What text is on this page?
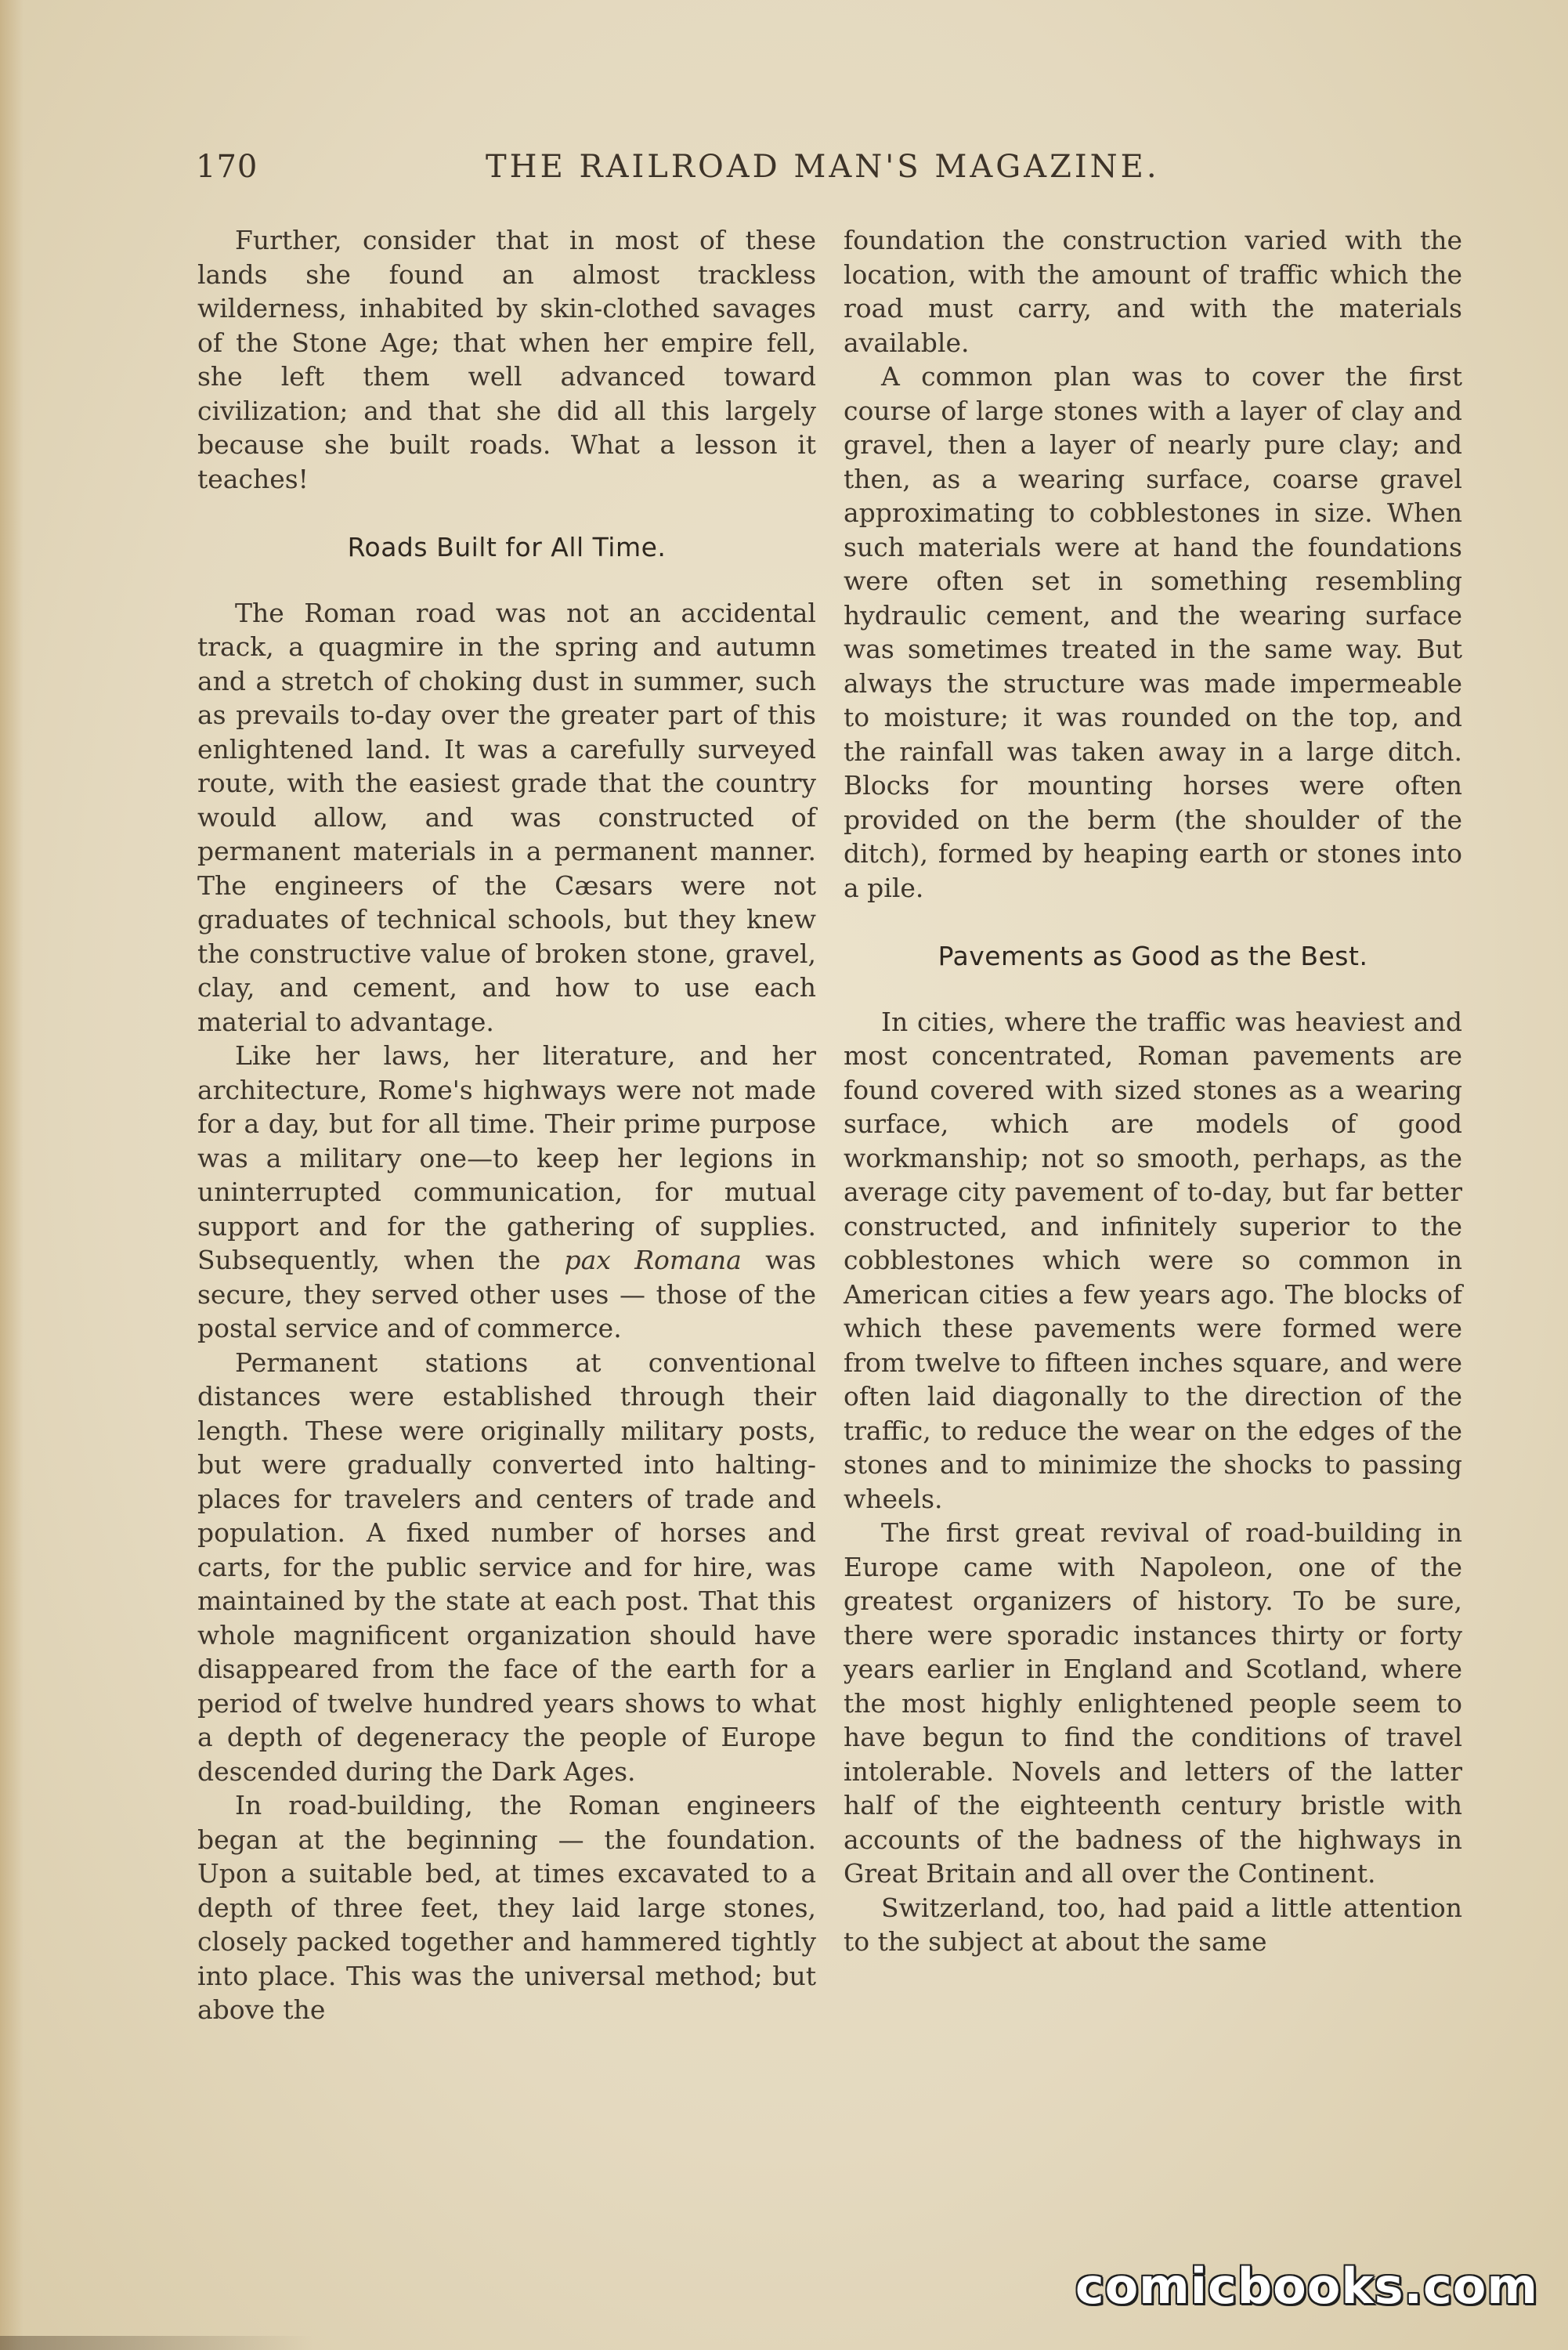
170	THE RAILROAD MAN'S MAGAZINE.

Further, consider that in most of these lands she found an almost trackless wilderness, inhabited by skin-clothed savages of the Stone Age; that when her empire fell, she left them well advanced toward civilization; and that she did all this largely because she built roads. What a lesson it teaches!

Roads Built for All Time.

The Roman road was not an accidental track, a quagmire in the spring and autumn and a stretch of choking dust in summer, such as prevails to-day over the greater part of this enlightened land. It was a carefully surveyed route, with the easiest grade that the country would allow, and was constructed of permanent materials in a permanent manner. The engineers of the Cæsars were not graduates of technical schools, but they knew the constructive value of broken stone, gravel, clay, and cement, and how to use each material to advantage.

Like her laws, her literature, and her architecture, Rome's highways were not made for a day, but for all time. Their prime purpose was a military one—to keep her legions in uninterrupted communication, for mutual support and for the gathering of supplies. Subsequently, when the pax Romana was secure, they served other uses — those of the postal service and of commerce.

Permanent stations at conventional distances were established through their length. These were originally military posts, but were gradually converted into halting-places for travelers and centers of trade and population. A fixed number of horses and carts, for the public service and for hire, was maintained by the state at each post. That this whole magnificent organization should have disappeared from the face of the earth for a period of twelve hundred years shows to what a depth of degeneracy the people of Europe descended during the Dark Ages.

In road-building, the Roman engineers began at the beginning — the foundation. Upon a suitable bed, at times excavated to a depth of three feet, they laid large stones, closely packed together and hammered tightly into place. This was the universal method; but above the

foundation the construction varied with the location, with the amount of traffic which the road must carry, and with the materials available.

A common plan was to cover the first course of large stones with a layer of clay and gravel, then a layer of nearly pure clay; and then, as a wearing surface, coarse gravel approximating to cobblestones in size. When such materials were at hand the foundations were often set in something resembling hydraulic cement, and the wearing surface was sometimes treated in the same way. But always the structure was made impermeable to moisture; it was rounded on the top, and the rainfall was taken away in a large ditch. Blocks for mounting horses were often provided on the berm (the shoulder of the ditch), formed by heaping earth or stones into a pile.

Pavements as Good as the Best.

In cities, where the traffic was heaviest and most concentrated, Roman pavements are found covered with sized stones as a wearing surface, which are models of good workmanship; not so smooth, perhaps, as the average city pavement of to-day, but far better constructed, and infinitely superior to the cobblestones which were so common in American cities a few years ago. The blocks of which these pavements were formed were from twelve to fifteen inches square, and were often laid diagonally to the direction of the traffic, to reduce the wear on the edges of the stones and to minimize the shocks to passing wheels.

The first great revival of road-building in Europe came with Napoleon, one of the greatest organizers of history. To be sure, there were sporadic instances thirty or forty years earlier in England and Scotland, where the most highly enlightened people seem to have begun to find the conditions of travel intolerable. Novels and letters of the latter half of the eighteenth century bristle with accounts of the badness of the highways in Great Britain and all over the Continent.

Switzerland, too, had paid a little attention to the subject at about the same

comicbooks.com
